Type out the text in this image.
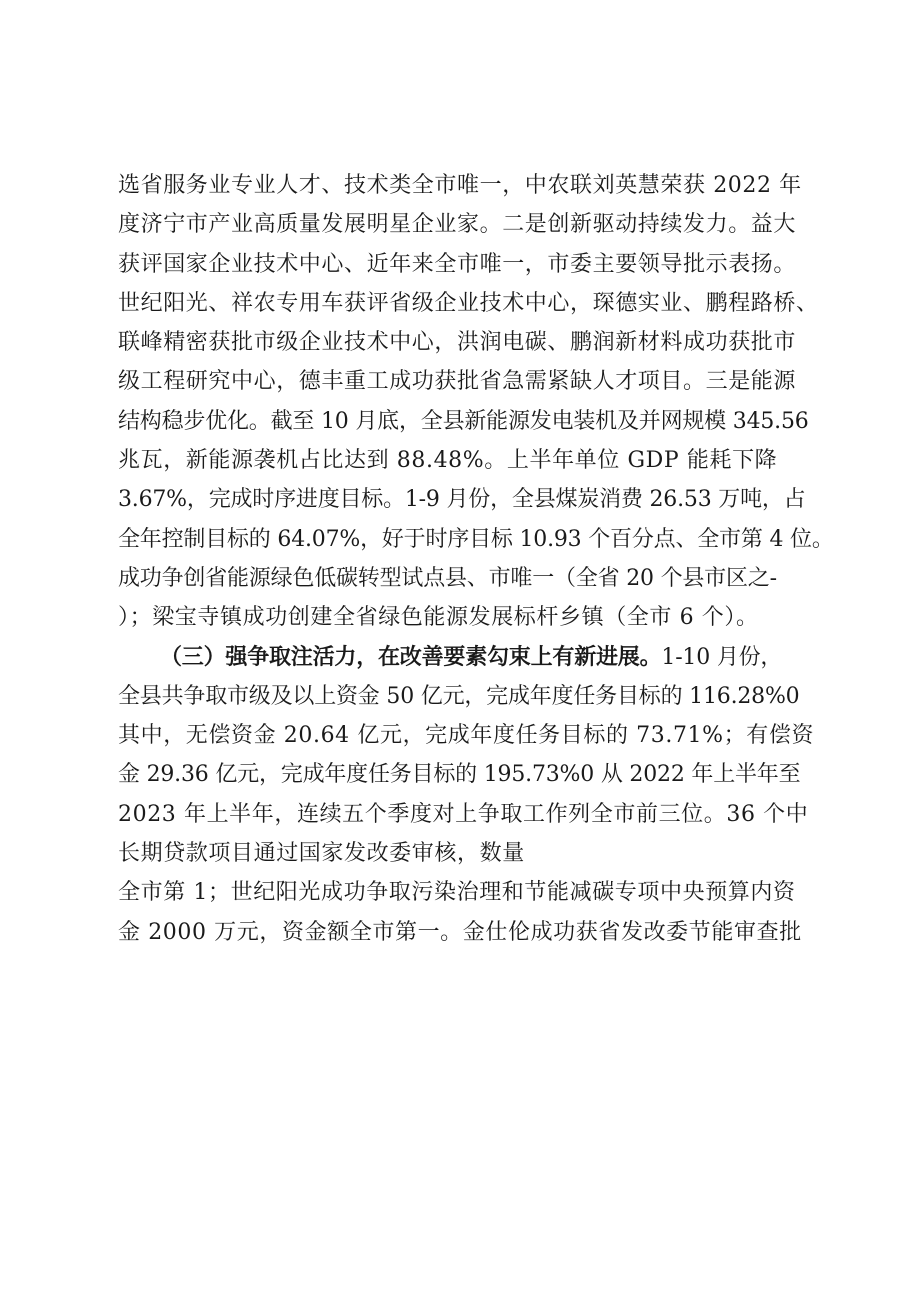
选省服务业专业人才、技术类全市唯一，中农联刘英慧荣获 2022 年
度济宁市产业高质量发展明星企业家。二是创新驱动持续发力。益大
获评国家企业技术中心、近年来全市唯一，市委主要领导批示表扬。
世纪阳光、祥农专用车获评省级企业技术中心，琛德实业、鹏程路桥、
联峰精密获批市级企业技术中心，洪润电碳、鹏润新材料成功获批市
级工程研究中心，德丰重工成功获批省急需紧缺人才项目。三是能源
结构稳步优化。截至 10 月底，全县新能源发电装机及并网规模 345.56
兆瓦，新能源袭机占比达到 88.48%。上半年单位 GDP 能耗下降
3.67%，完成时序进度目标。1-9 月份，全县煤炭消费 26.53 万吨，占
全年控制目标的 64.07%，好于时序目标 10.93 个百分点、全市第 4 位。
成功争创省能源绿色低碳转型试点县、市唯一（全省 20 个县市区之-
）；梁宝寺镇成功创建全省绿色能源发展标杆乡镇（全市 6 个）。
（三）强争取注活力，在改善要素勾束上有新进展。1-10 月份，
全县共争取市级及以上资金 50 亿元，完成年度任务目标的 116.28%0
其中，无偿资金 20.64 亿元，完成年度任务目标的 73.71%；有偿资
金 29.36 亿元，完成年度任务目标的 195.73%0 从 2022 年上半年至
2023 年上半年，连续五个季度对上争取工作列全市前三位。36 个中
长期贷款项目通过国家发改委审核，数量
全市第 1；世纪阳光成功争取污染治理和节能减碳专项中央预算内资
金 2000 万元，资金额全市第一。金仕伦成功获省发改委节能审查批
